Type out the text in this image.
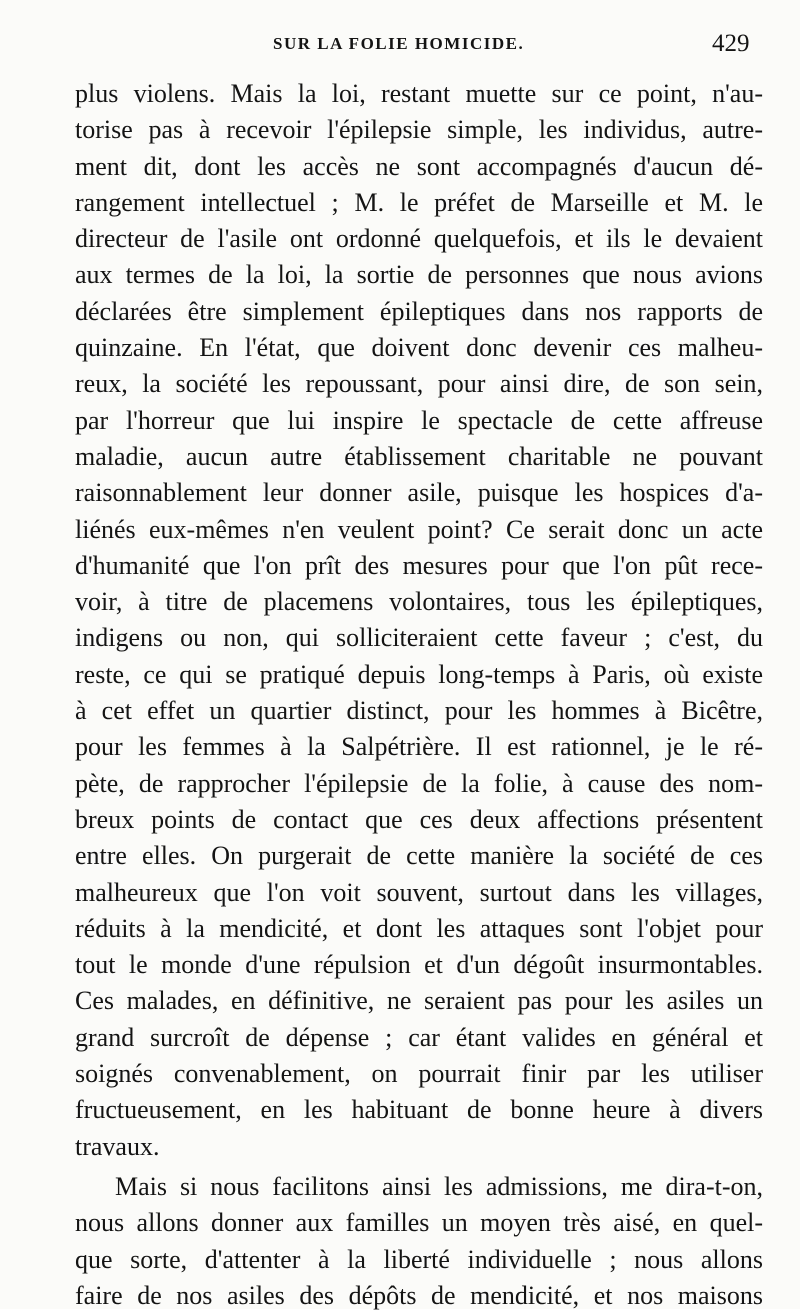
SUR LA FOLIE HOMICIDE.	429
plus violens. Mais la loi, restant muette sur ce point, n'au-
torise pas à recevoir l'épilepsie simple, les individus, autre-
ment dit, dont les accès ne sont accompagnés d'aucun dé-
rangement intellectuel ; M. le préfet de Marseille et M. le
directeur de l'asile ont ordonné quelquefois, et ils le devaient
aux termes de la loi, la sortie de personnes que nous avions
déclarées être simplement épileptiques dans nos rapports de
quinzaine. En l'état, que doivent donc devenir ces malheu-
reux, la société les repoussant, pour ainsi dire, de son sein,
par l'horreur que lui inspire le spectacle de cette affreuse
maladie, aucun autre établissement charitable ne pouvant
raisonnablement leur donner asile, puisque les hospices d'a-
liénés eux-mêmes n'en veulent point? Ce serait donc un acte
d'humanité que l'on prît des mesures pour que l'on pût rece-
voir, à titre de placemens volontaires, tous les épileptiques,
indigens ou non, qui solliciteraient cette faveur ; c'est, du
reste, ce qui se pratiqué depuis long-temps à Paris, où existe
à cet effet un quartier distinct, pour les hommes à Bicêtre,
pour les femmes à la Salpétrière. Il est rationnel, je le ré-
pète, de rapprocher l'épilepsie de la folie, à cause des nom-
breux points de contact que ces deux affections présentent
entre elles. On purgerait de cette manière la société de ces
malheureux que l'on voit souvent, surtout dans les villages,
réduits à la mendicité, et dont les attaques sont l'objet pour
tout le monde d'une répulsion et d'un dégoût insurmontables.
Ces malades, en définitive, ne seraient pas pour les asiles un
grand surcroît de dépense ; car étant valides en général et
soignés convenablement, on pourrait finir par les utiliser
fructueusement, en les habituant de bonne heure à divers
travaux.
Mais si nous facilitons ainsi les admissions, me dira-t-on,
nous allons donner aux familles un moyen très aisé, en quel-
que sorte, d'attenter à la liberté individuelle ; nous allons
faire de nos asiles des dépôts de mendicité, et nos maisons
